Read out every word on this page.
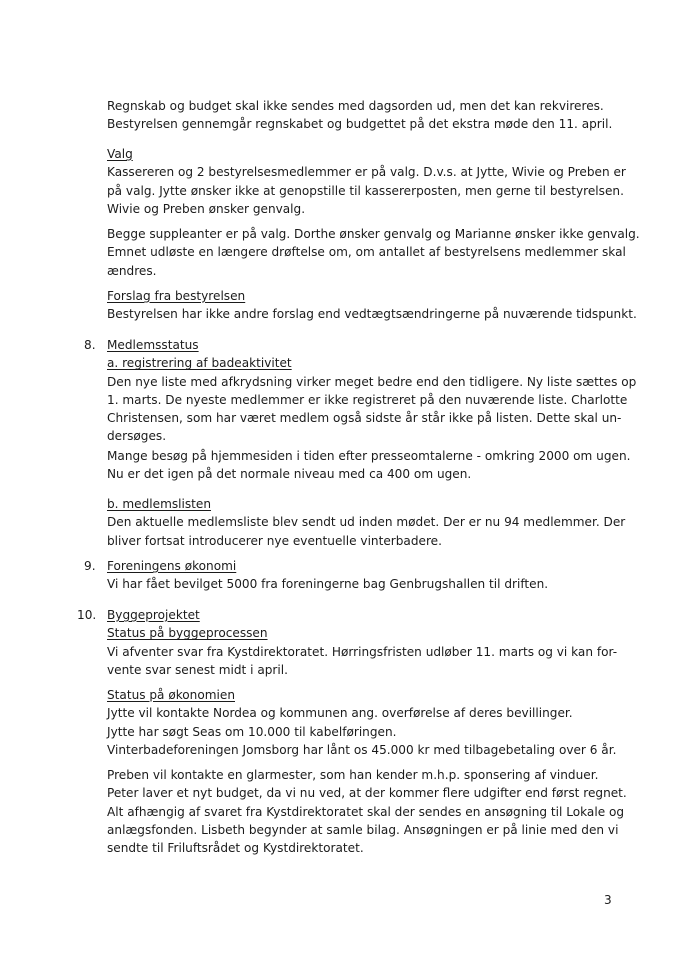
Regnskab og budget skal ikke sendes med dagsorden ud, men det kan rekvireres.
Bestyrelsen gennemgår regnskabet og budgettet på det ekstra møde den 11. april.
Valg
Kassereren og 2 bestyrelsesmedlemmer er på valg. D.v.s. at Jytte, Wivie og Preben er
på valg. Jytte ønsker ikke at genopstille til kassererposten, men gerne til bestyrelsen.
Wivie og Preben ønsker genvalg.
Begge suppleanter er på valg. Dorthe ønsker genvalg og Marianne ønsker ikke genvalg.
Emnet udløste en længere drøftelse om, om antallet af bestyrelsens medlemmer skal
ændres.
Forslag fra bestyrelsen
Bestyrelsen har ikke andre forslag end vedtægtsændringerne på nuværende tidspunkt.
8. Medlemsstatus
a. registrering af badeaktivitet
Den nye liste med afkrydsning virker meget bedre end den tidligere. Ny liste sættes op
1. marts. De nyeste medlemmer er ikke registreret på den nuværende liste. Charlotte
Christensen, som har været medlem også sidste år står ikke på listen. Dette skal un-
dersøges.
Mange besøg på hjemmesiden i tiden efter presseomtalerne - omkring 2000 om ugen.
Nu er det igen på det normale niveau med ca 400 om ugen.
b. medlemslisten
Den aktuelle medlemsliste blev sendt ud inden mødet. Der er nu 94 medlemmer. Der
bliver fortsat introducerer nye eventuelle vinterbadere.
9. Foreningens økonomi
Vi har fået bevilget 5000 fra foreningerne bag Genbrugshallen til driften.
10. Byggeprojektet
Status på byggeprocessen
Vi afventer svar fra Kystdirektoratet. Hørringsfristen udløber 11. marts og vi kan for-
vente svar senest midt i april.
Status på økonomien
Jytte vil kontakte Nordea og kommunen ang. overførelse af deres bevillinger.
Jytte har søgt Seas om 10.000 til kabelføringen.
Vinterbadeforeningen Jomsborg har lånt os 45.000 kr med tilbagebetaling over 6 år.
Preben vil kontakte en glarmester, som han kender m.h.p. sponsering af vinduer.
Peter laver et nyt budget, da vi nu ved, at der kommer flere udgifter end først regnet.
Alt afhængig af svaret fra Kystdirektoratet skal der sendes en ansøgning til Lokale og
anlægsfonden. Lisbeth begynder at samle bilag. Ansøgningen er på linie med den vi
sendte til Friluftsrådet og Kystdirektoratet.
3
